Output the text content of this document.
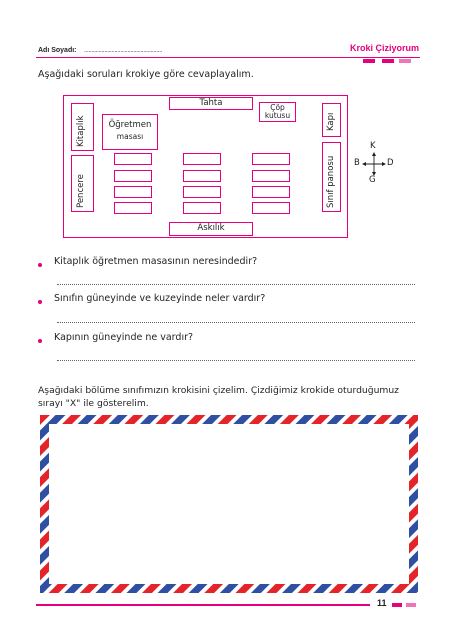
Adı Soyadı: ......................................................	Kroki Çiziyorum
Aşağıdaki soruları krokiye göre cevaplayalım.
Tahta	Çöp
kutusu	Kapı
Kitaplık	Öğretmen
masası
Pencere	Sınıf panosu
Askılık
K
G
B	D
Kitaplık öğretmen masasının neresindedir?
Sınıfın güneyinde ve kuzeyinde neler vardır?
Kapının güneyinde ne vardır?
Aşağıdaki bölüme sınıfımızın krokisini çizelim. Çizdiğimiz krokide oturduğumuz
sırayı "X" ile gösterelim.
11
